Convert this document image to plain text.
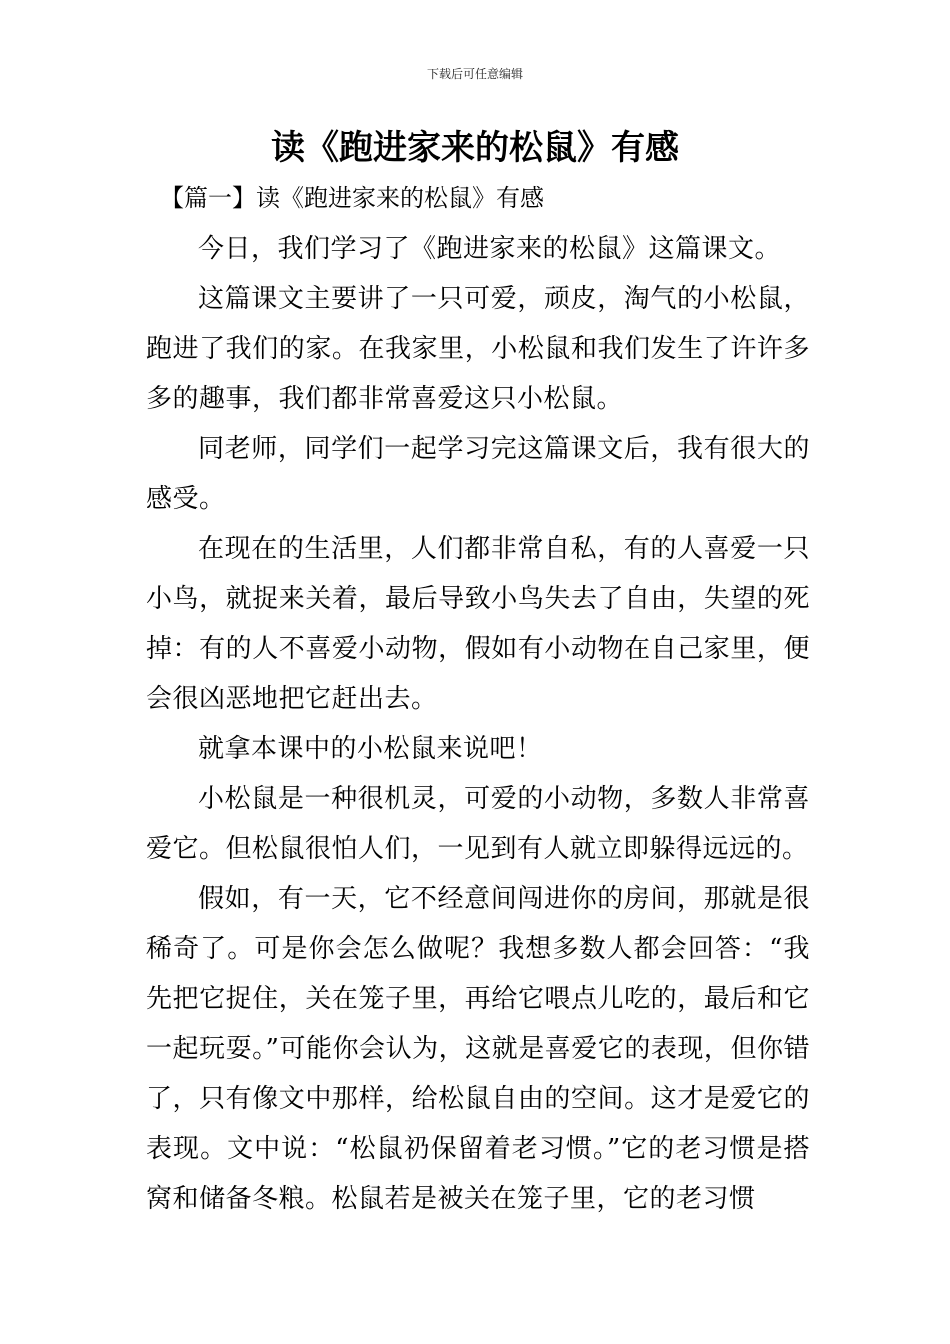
下载后可任意编辑
读《跑进家来的松鼠》有感
【篇一】读《跑进家来的松鼠》有感

今日，我们学习了《跑进家来的松鼠》这篇课文。

这篇课文主要讲了一只可爱，顽皮，淘气的小松鼠，跑进了我们的家。在我家里，小松鼠和我们发生了许许多多的趣事，我们都非常喜爱这只小松鼠。

同老师，同学们一起学习完这篇课文后，我有很大的感受。

在现在的生活里，人们都非常自私，有的人喜爱一只小鸟，就捉来关着，最后导致小鸟失去了自由，失望的死掉：有的人不喜爱小动物，假如有小动物在自己家里，便会很凶恶地把它赶出去。

就拿本课中的小松鼠来说吧！

小松鼠是一种很机灵，可爱的小动物，多数人非常喜爱它。但松鼠很怕人们，一见到有人就立即躲得远远的。

假如，有一天，它不经意间闯进你的房间，那就是很稀奇了。可是你会怎么做呢？我想多数人都会回答：“我先把它捉住，关在笼子里，再给它喂点儿吃的，最后和它一起玩耍。”可能你会认为，这就是喜爱它的表现，但你错了，只有像文中那样，给松鼠自由的空间。这才是爱它的表现。文中说：“松鼠礽保留着老习惯。”它的老习惯是搭窝和储备冬粮。松鼠若是被关在笼子里，它的老习惯
